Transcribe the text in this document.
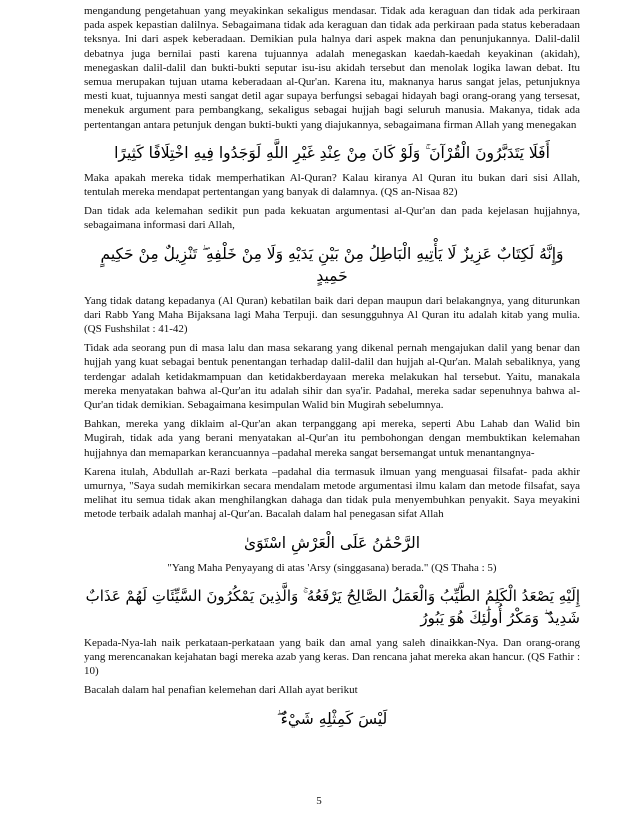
mengandung pengetahuan yang meyakinkan sekaligus mendasar. Tidak ada keraguan dan tidak ada perkiraan pada aspek kepastian dalilnya. Sebagaimana tidak ada keraguan dan tidak ada perkiraan pada status keberadaan teksnya. Ini dari aspek keberadaan. Demikian pula halnya dari aspek makna dan penunjukannya. Dalil-dalil debatnya juga bernilai pasti karena tujuannya adalah menegaskan kaedah-kaedah keyakinan (akidah), menegaskan dalil-dalil dan bukti-bukti seputar isu-isu akidah tersebut dan menolak logika lawan debat. Itu semua merupakan tujuan utama keberadaan al-Qur'an. Karena itu, maknanya harus sangat jelas, petunjuknya mesti kuat, tujuannya mesti sangat detil agar supaya berfungsi sebagai hidayah bagi orang-orang yang tersesat, menekuk argument para pembangkang, sekaligus sebagai hujjah bagi seluruh manusia. Makanya, tidak ada pertentangan antara petunjuk dengan bukti-bukti yang diajukannya, sebagaimana firman Allah yang menegakan

أَفَلَا يَتَدَبَّرُونَ الْقُرْآنَ ۚ وَلَوْ كَانَ مِنْ عِنْدِ غَيْرِ اللَّهِ لَوَجَدُوا فِيهِ اخْتِلَافًا كَثِيرًا

Maka apakah mereka tidak memperhatikan Al-Quran? Kalau kiranya Al Quran itu bukan dari sisi Allah, tentulah mereka mendapat pertentangan yang banyak di dalamnya. (QS an-Nisaa 82)

Dan tidak ada kelemahan sedikit pun pada kekuatan argumentasi al-Qur'an dan pada kejelasan hujjahnya, sebagaimana informasi dari Allah,

وَإِنَّهُ لَكِتَابٌ عَزِيزٌ لَا يَأْتِيهِ الْبَاطِلُ مِنْ بَيْنِ يَدَيْهِ وَلَا مِنْ خَلْفِهِ ۖ تَنْزِيلٌ مِنْ حَكِيمٍ حَمِيدٍ

Yang tidak datang kepadanya (Al Quran) kebatilan baik dari depan maupun dari belakangnya, yang diturunkan dari Rabb Yang Maha Bijaksana lagi Maha Terpuji. dan sesungguhnya Al Quran itu adalah kitab yang mulia. (QS Fushshilat : 41-42)

Tidak ada seorang pun di masa lalu dan masa sekarang yang dikenal pernah mengajukan dalil yang benar dan hujjah yang kuat sebagai bentuk penentangan terhadap dalil-dalil dan hujjah al-Qur'an. Malah sebaliknya, yang terdengar adalah ketidakmampuan dan ketidakberdayaan mereka melakukan hal tersebut. Yaitu, manakala mereka menyatakan bahwa al-Qur'an itu adalah sihir dan sya'ir. Padahal, mereka sadar sepenuhnya bahwa al-Qur'an tidak demikian. Sebagaimana kesimpulan Walid bin Mugirah sebelumnya.

Bahkan, mereka yang diklaim al-Qur'an akan terpanggang api mereka, seperti Abu Lahab dan Walid bin Mugirah, tidak ada yang berani menyatakan al-Qur'an itu pembohongan dengan membuktikan kelemahan hujjahnya dan memaparkan kerancuannya –padahal mereka sangat bersemangat untuk menantangnya-

Karena itulah, Abdullah ar-Razi berkata –padahal dia termasuk ilmuan yang menguasai filsafat- pada akhir umurnya, "Saya sudah memikirkan secara mendalam metode argumentasi ilmu kalam dan metode filsafat, saya melihat itu semua tidak akan menghilangkan dahaga dan tidak pula menyembuhkan penyakit. Saya meyakini metode terbaik adalah manhaj al-Qur'an. Bacalah dalam hal penegasan sifat Allah

الرَّحْمَٰنُ عَلَى الْعَرْشِ اسْتَوَىٰ
"Yang Maha Penyayang di atas 'Arsy (singgasana) berada." (QS Thaha : 5)
إِلَيْهِ يَصْعَدُ الْكَلِمُ الطَّيِّبُ وَالْعَمَلُ الصَّالِحُ يَرْفَعُهُ ۚ وَالَّذِينَ يَمْكُرُونَ السَّيِّئَاتِ لَهُمْ عَذَابٌ شَدِيدٌ ۖ وَمَكْرُ أُولَٰئِكَ هُوَ يَبُورُ

Kepada-Nya-lah naik perkataan-perkataan yang baik dan amal yang saleh dinaikkan-Nya. Dan orang-orang yang merencanakan kejahatan bagi mereka azab yang keras. Dan rencana jahat mereka akan hancur. (QS Fathir : 10)

Bacalah dalam hal penafian kelemehan dari Allah ayat berikut

لَيْسَ كَمِثْلِهِ شَيْءٌ ۖ
5
